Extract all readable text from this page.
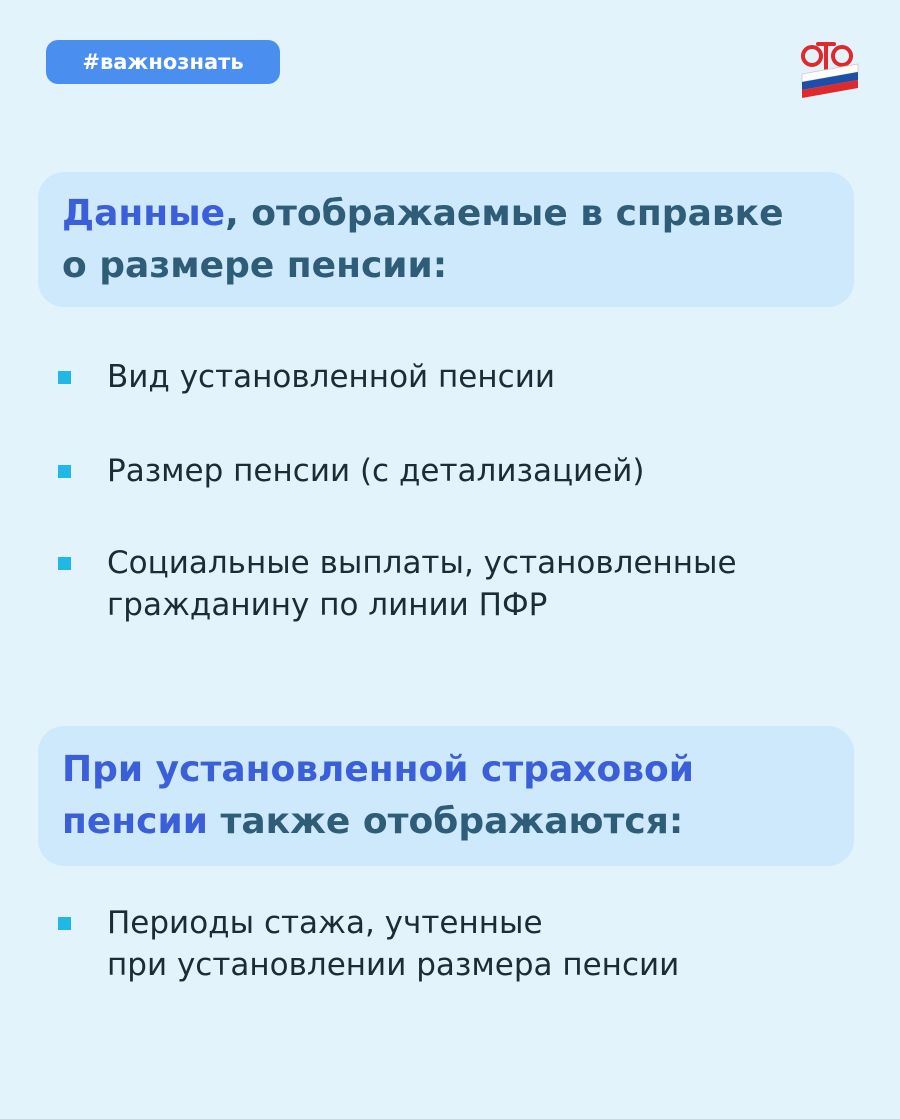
#важнознать

Данные, отображаемые в справке

о размере пенсии:

Вид установленной пенсии

Размер пенсии (с детализацией)

Социальные выплаты, установленные

гражданину по линии ПФР

При установленной страховой

пенсии также отображаются:

Периоды стажа, учтенные

при установлении размера пенсии
